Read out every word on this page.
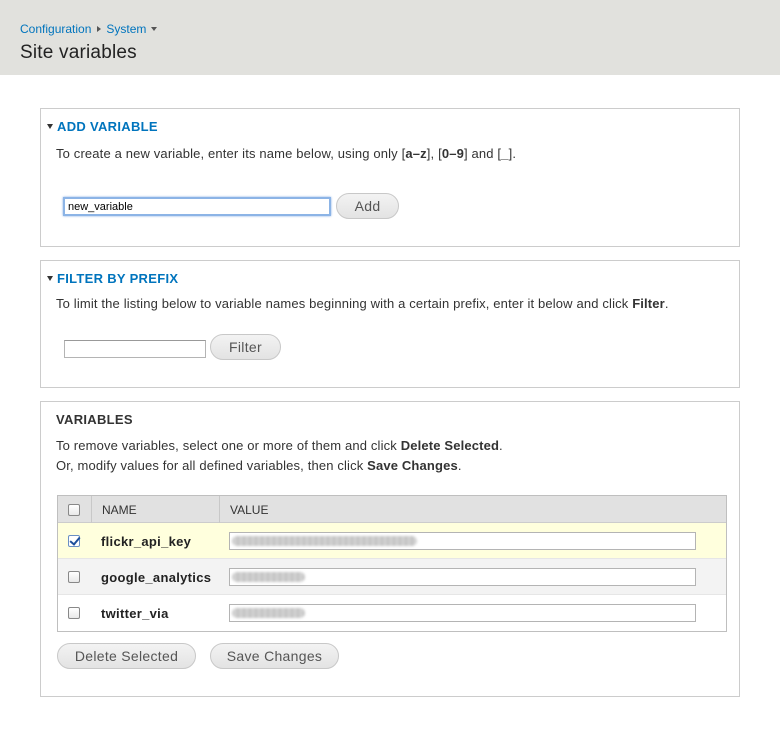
Configuration System
Site variables
ADD VARIABLE
To create a new variable, enter its name below, using only [a–z], [0–9] and [_].
new_variable
Add
FILTER BY PREFIX
To limit the listing below to variable names beginning with a certain prefix, enter it below and click Filter.
Filter
VARIABLES
To remove variables, select one or more of them and click Delete Selected.
Or, modify values for all defined variables, then click Save Changes.
NAME	VALUE
flickr_api_key
google_analytics
twitter_via
Delete Selected	Save Changes
